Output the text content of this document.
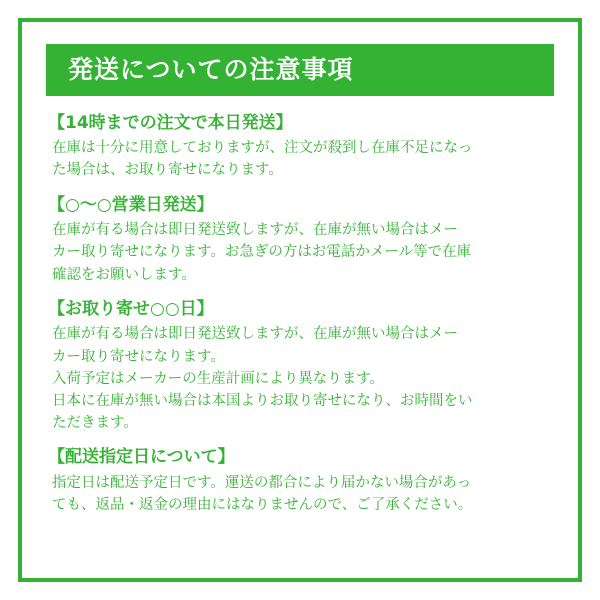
発送についての注意事項
【14時までの注文で本日発送】

在庫は十分に用意しておりますが、注文が殺到し在庫不足になっ

た場合は、お取り寄せになります。

【○〜○営業日発送】

在庫が有る場合は即日発送致しますが、在庫が無い場合はメー

カー取り寄せになります。お急ぎの方はお電話かメール等で在庫

確認をお願いします。

【お取り寄せ○○日】

在庫が有る場合は即日発送致しますが、在庫が無い場合はメー

カー取り寄せになります。

入荷予定はメーカーの生産計画により異なります。

日本に在庫が無い場合は本国よりお取り寄せになり、お時間をい

ただきます。

【配送指定日について】

指定日は配送予定日です。運送の都合により届かない場合があっ

ても、返品・返金の理由にはなりませんので、ご了承ください。
